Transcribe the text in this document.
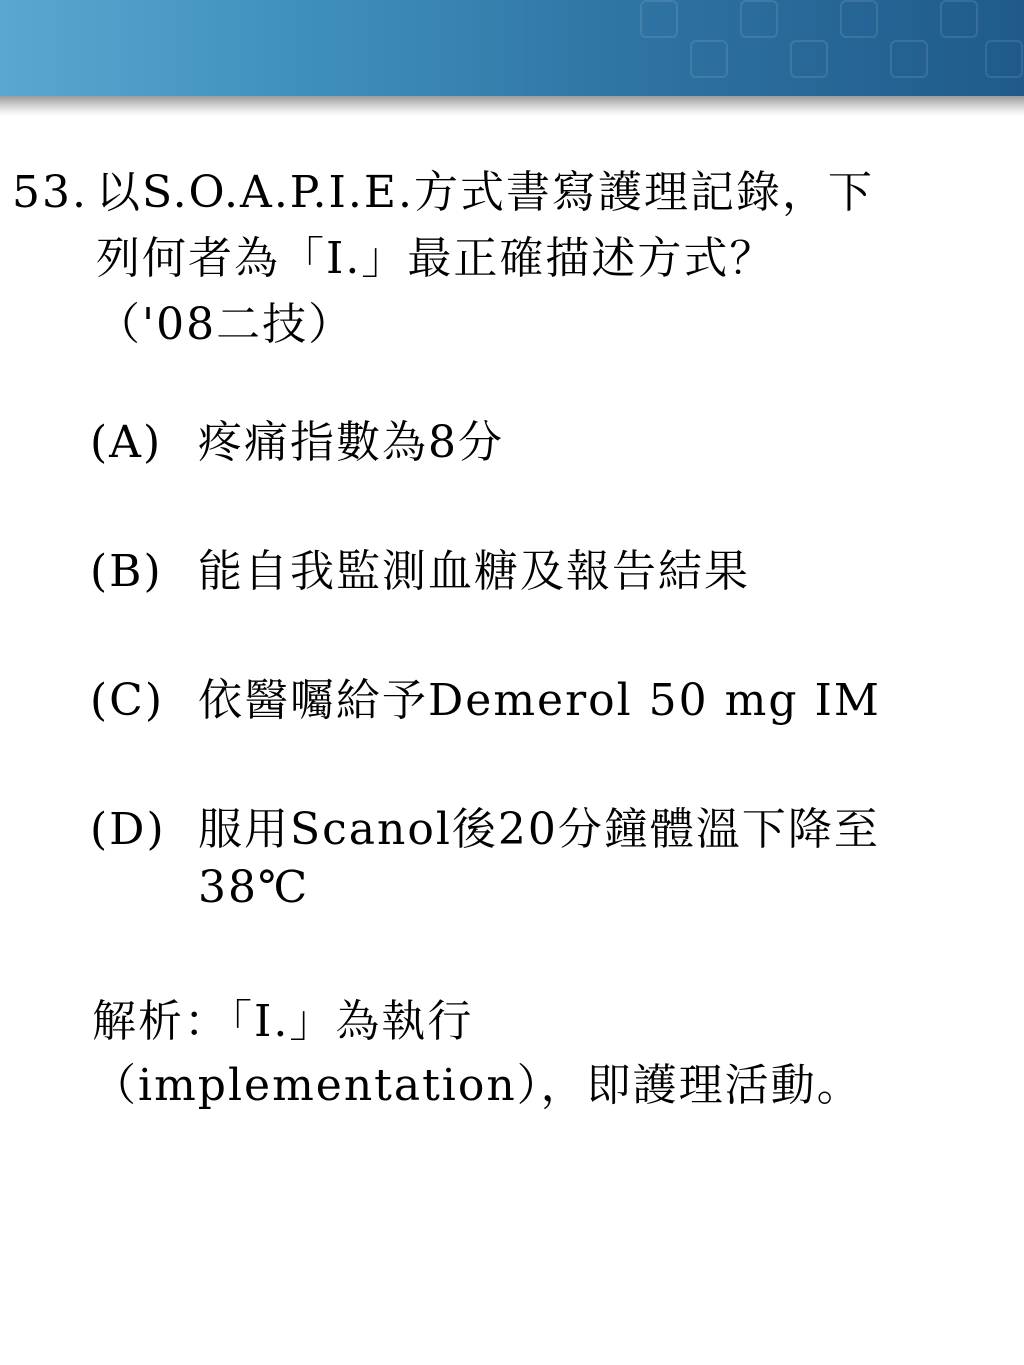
53. 以S.O.A.P.I.E.方式書寫護理記錄，下
列何者為「I.」最正確描述方式？
（'08二技）
(A) 疼痛指數為8分
(B) 能自我監測血糖及報告結果
(C) 依醫囑給予Demerol 50 mg IM
(D) 服用Scanol後20分鐘體溫下降至
38℃
解析：「I.」為執行
（implementation），即護理活動。
